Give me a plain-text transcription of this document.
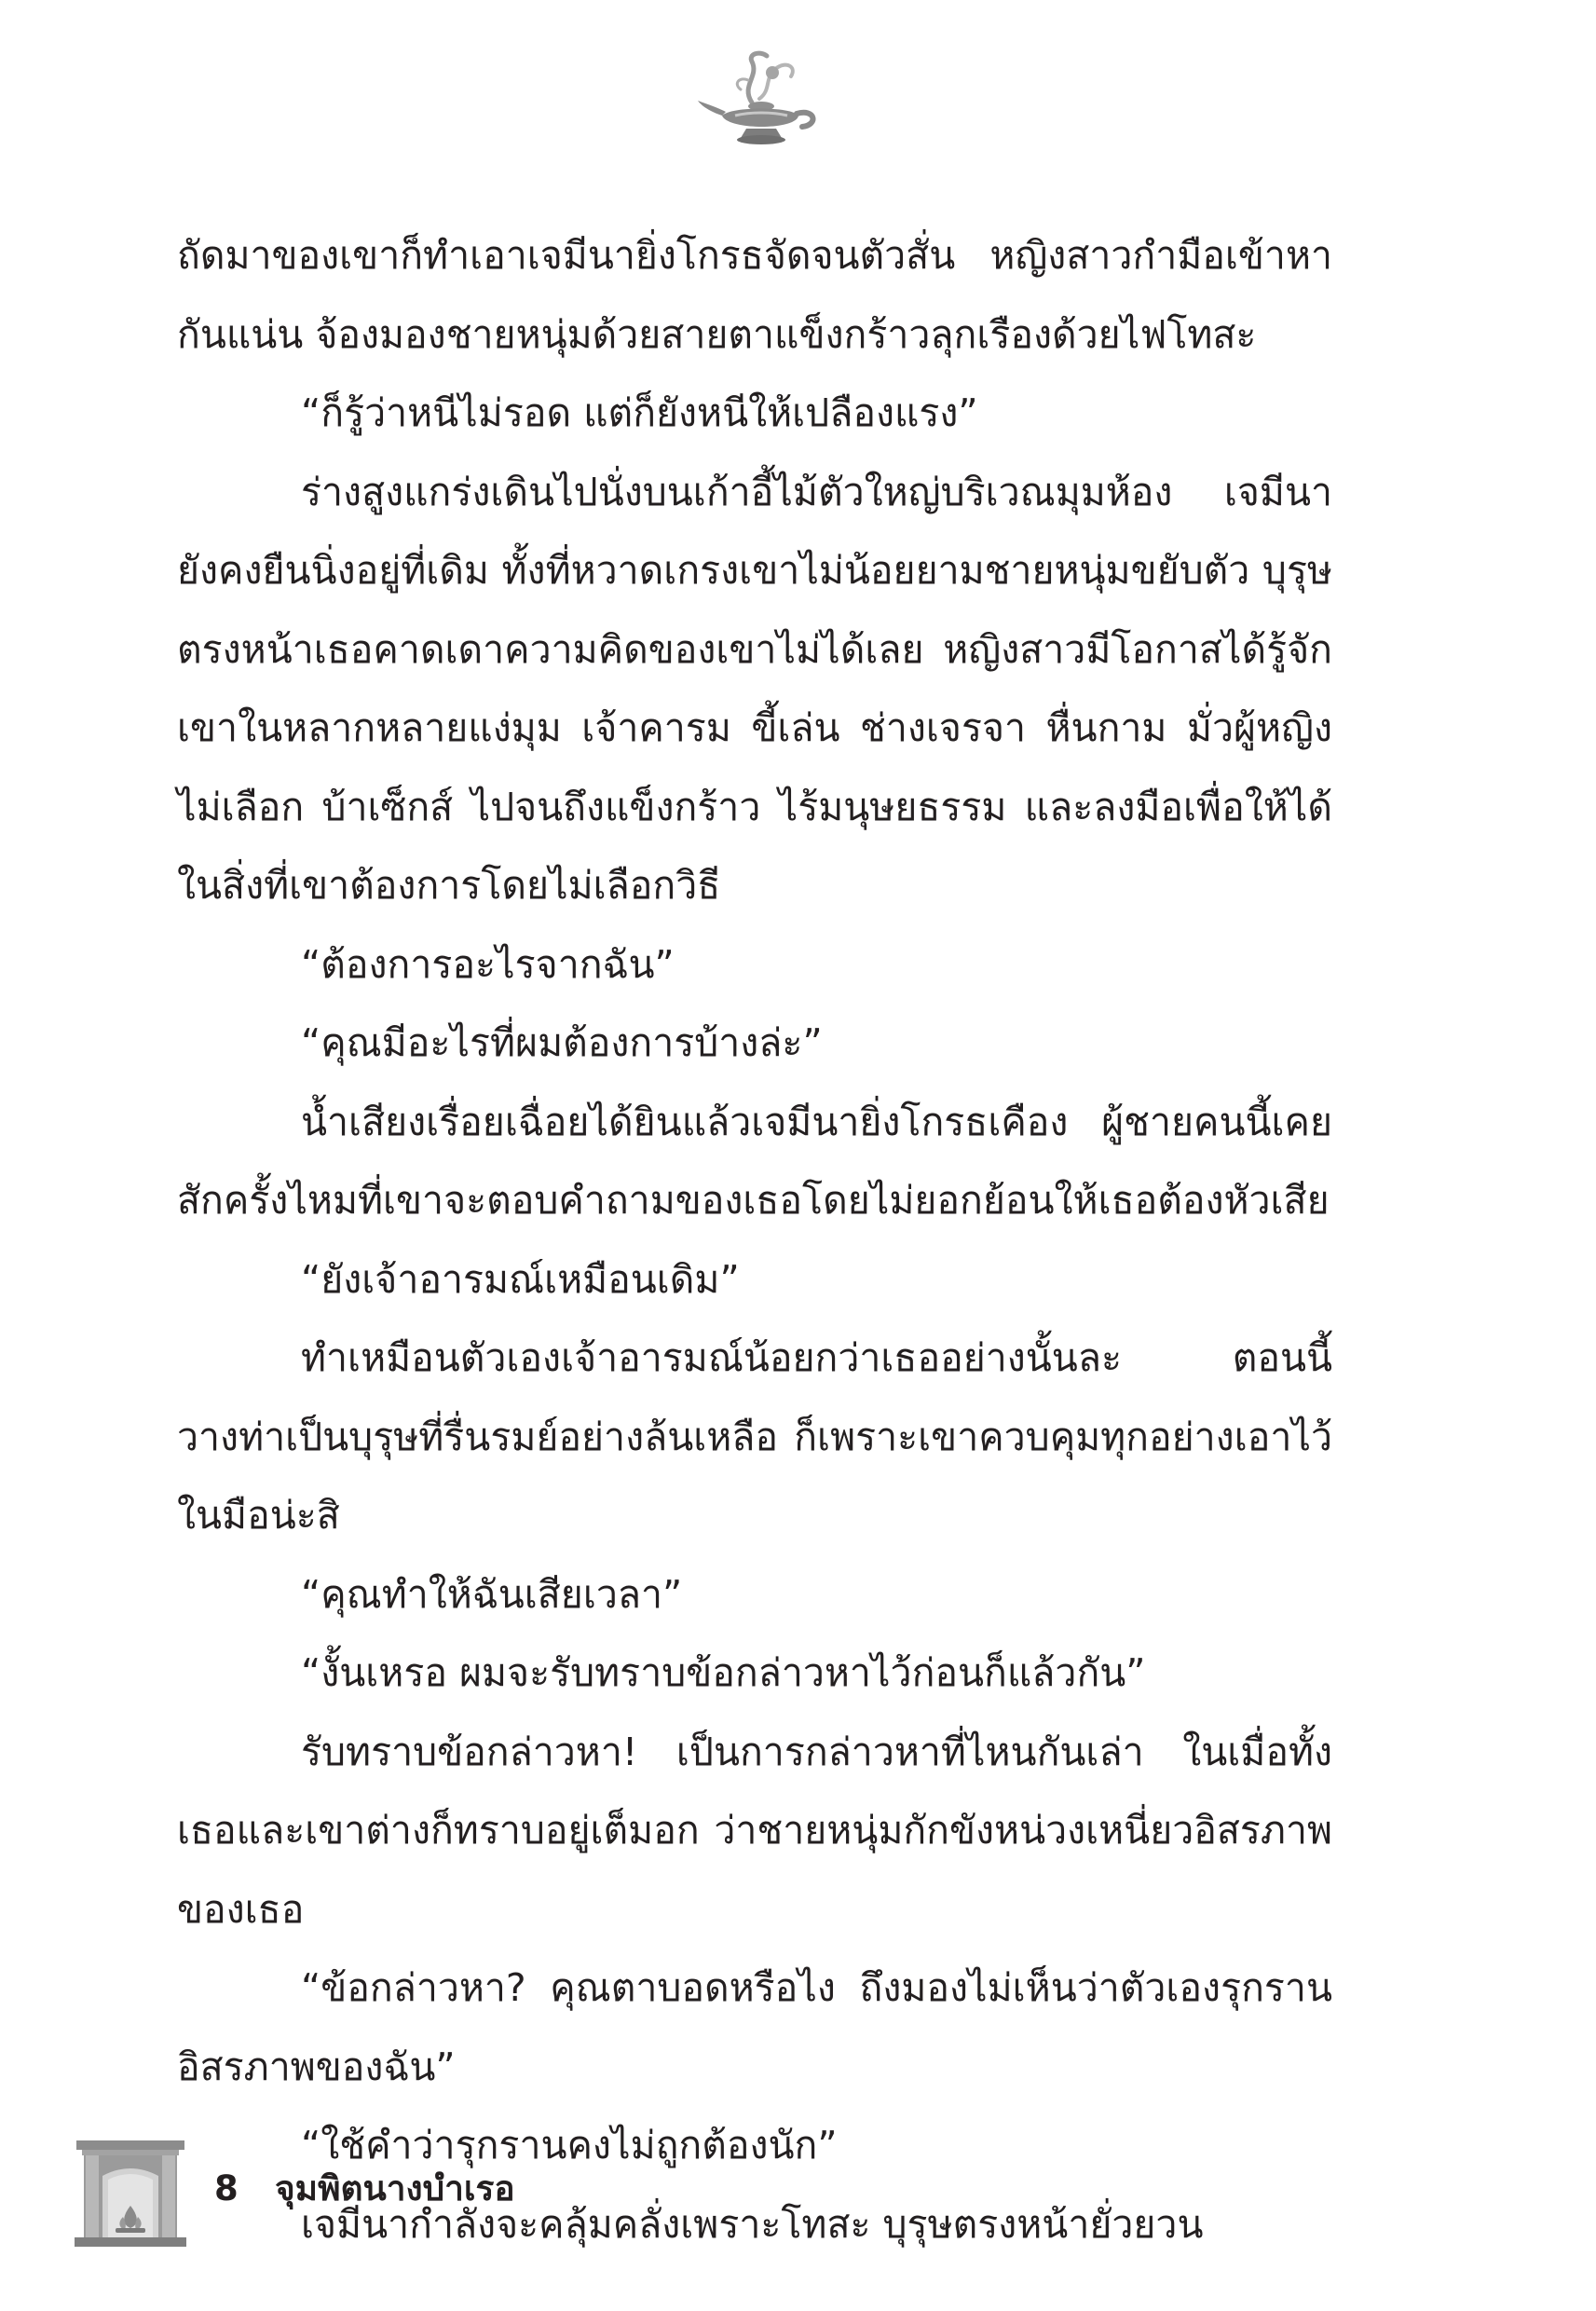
ถัดมาของเขาก็ทำเอาเจมีนายิ่งโกรธจัดจนตัวสั่น หญิงสาวกำมือเข้าหากันแน่น จ้องมองชายหนุ่มด้วยสายตาแข็งกร้าวลุกเรืองด้วยไฟโทสะ

“ก็รู้ว่าหนีไม่รอด แต่ก็ยังหนีให้เปลืองแรง”

ร่างสูงแกร่งเดินไปนั่งบนเก้าอี้ไม้ตัวใหญ่บริเวณมุมห้อง เจมีนายังคงยืนนิ่งอยู่ที่เดิม ทั้งที่หวาดเกรงเขาไม่น้อยยามชายหนุ่มขยับตัว บุรุษตรงหน้าเธอคาดเดาความคิดของเขาไม่ได้เลย หญิงสาวมีโอกาสได้รู้จักเขาในหลากหลายแง่มุม เจ้าคารม ขี้เล่น ช่างเจรจา หื่นกาม มั่วผู้หญิงไม่เลือก บ้าเซ็กส์ ไปจนถึงแข็งกร้าว ไร้มนุษยธรรม และลงมือเพื่อให้ได้ในสิ่งที่เขาต้องการโดยไม่เลือกวิธี

“ต้องการอะไรจากฉัน”

“คุณมีอะไรที่ผมต้องการบ้างล่ะ”

น้ำเสียงเรื่อยเฉื่อยได้ยินแล้วเจมีนายิ่งโกรธเคือง ผู้ชายคนนี้เคยสักครั้งไหมที่เขาจะตอบคำถามของเธอโดยไม่ยอกย้อนให้เธอต้องหัวเสีย

“ยังเจ้าอารมณ์เหมือนเดิม”

ทำเหมือนตัวเองเจ้าอารมณ์น้อยกว่าเธออย่างนั้นละ ตอนนี้วางท่าเป็นบุรุษที่รื่นรมย์อย่างล้นเหลือ ก็เพราะเขาควบคุมทุกอย่างเอาไว้ในมือน่ะสิ

“คุณทำให้ฉันเสียเวลา”

“งั้นเหรอ ผมจะรับทราบข้อกล่าวหาไว้ก่อนก็แล้วกัน”

รับทราบข้อกล่าวหา! เป็นการกล่าวหาที่ไหนกันเล่า ในเมื่อทั้งเธอและเขาต่างก็ทราบอยู่เต็มอก ว่าชายหนุ่มกักขังหน่วงเหนี่ยวอิสรภาพของเธอ

“ข้อกล่าวหา? คุณตาบอดหรือไง ถึงมองไม่เห็นว่าตัวเองรุกรานอิสรภาพของฉัน”

“ใช้คำว่ารุกรานคงไม่ถูกต้องนัก”

เจมีนากำลังจะคลุ้มคลั่งเพราะโทสะ บุรุษตรงหน้ายั่วยวน

8 จุมพิตนางบำเรอ
